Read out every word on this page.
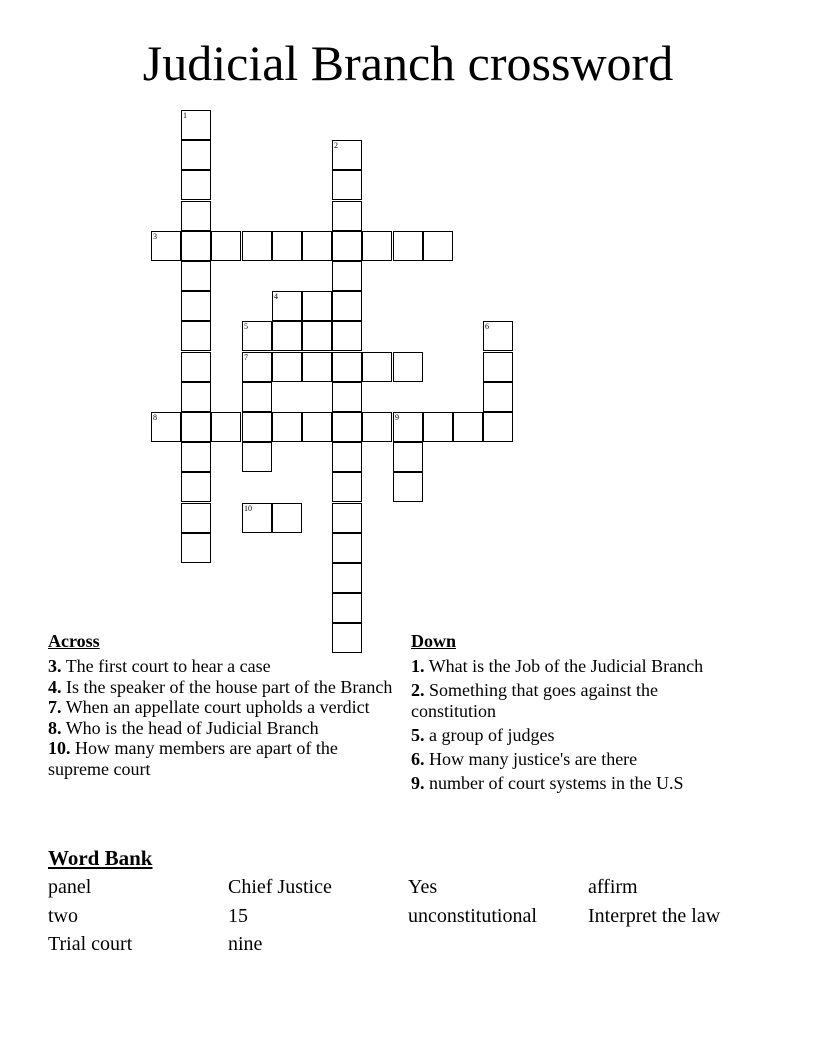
Judicial Branch crossword
1
2
3
4
5	6
7
8	9
10
Across
3. The first court to hear a case
4. Is the speaker of the house part of the Branch
7. When an appellate court upholds a verdict
8. Who is the head of Judicial Branch
10. How many members are apart of the supreme court
Down
1. What is the Job of the Judicial Branch
2. Something that goes against the constitution
5. a group of judges
6. How many justice's are there
9. number of court systems in the U.S
Word Bank
panel	Chief Justice	Yes	affirm
two	15	unconstitutional	Interpret the law
Trial court	nine
